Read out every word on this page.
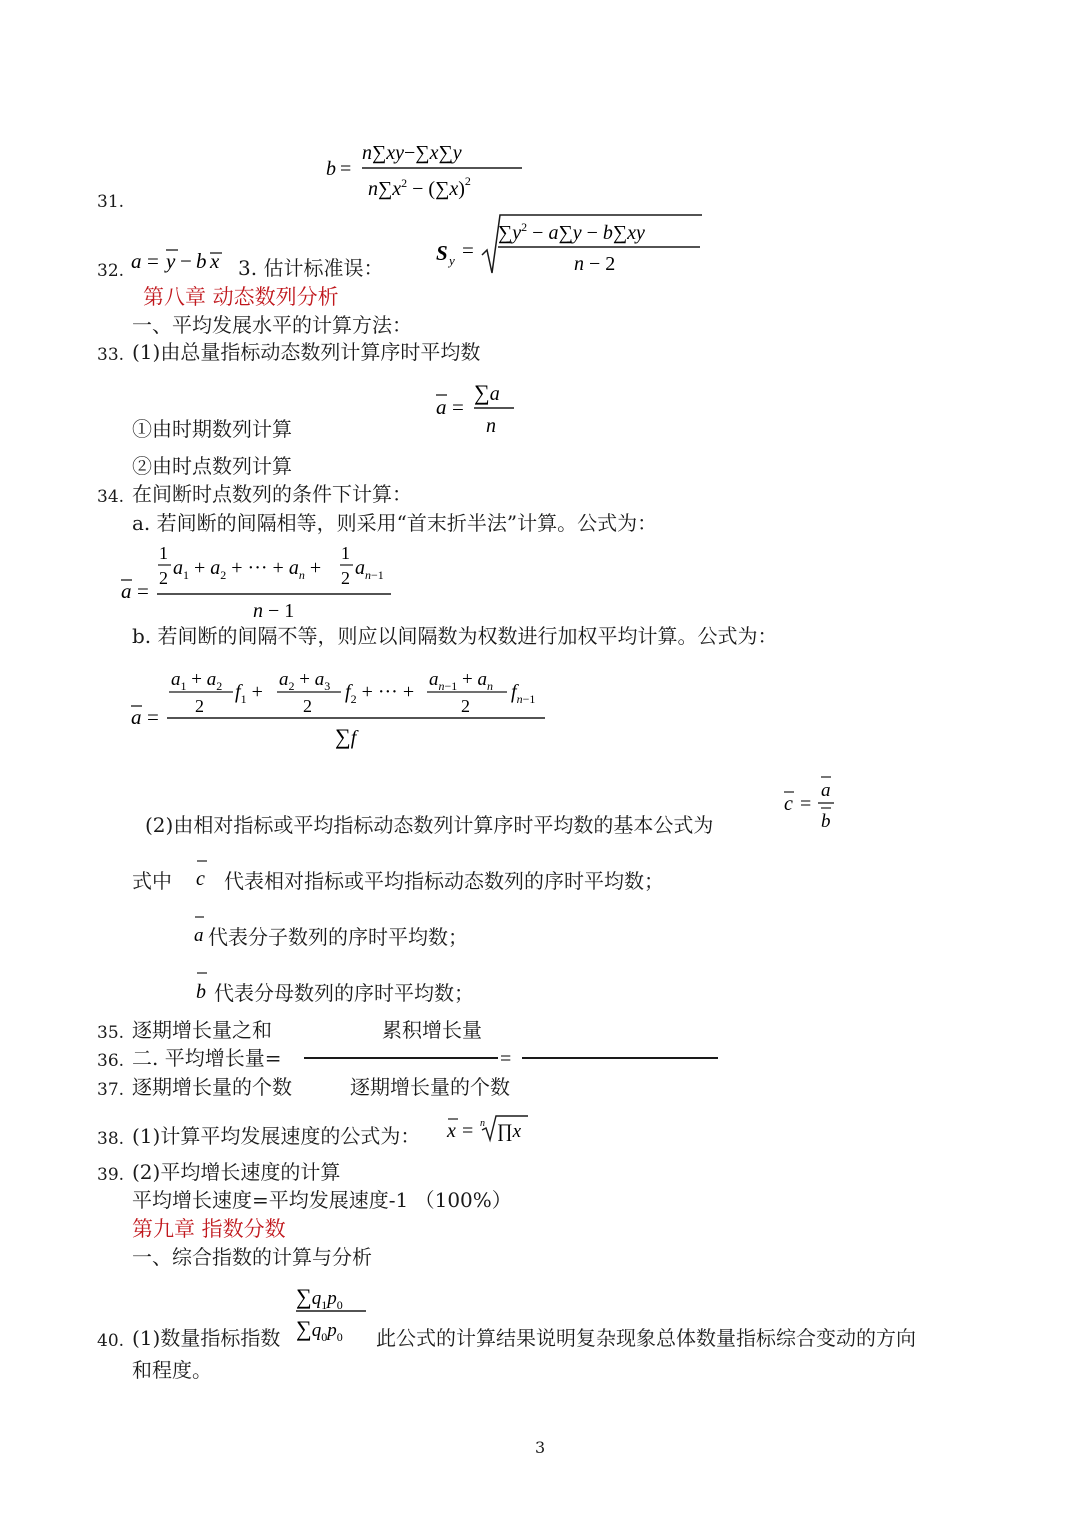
31.
b =
n∑xy−∑x∑y
$n\sum x^2 - (\sum x)^2$
32. a = y − b x 3. 估计标准误：
S y =
$\sum y^2 - a\sum y - b\sum xy$
n − 2
第八章 动态数列分析
一、平均发展水平的计算方法：
33. (1)由总量指标动态数列计算序时平均数
a =
∑a
n
①由时期数列计算
②由时点数列计算
34. 在间断时点数列的条件下计算：
a. 若间断的间隔相等，则采用“首末折半法”计算。公式为：
a =
1
2 $a_1 + a_2$ + ··· + $a_n$ +
1
2 $a_{n-1}$
n − 1
b. 若间断的间隔不等，则应以间隔数为权数进行加权平均计算。公式为：
a =
$a_1 + a_2$
2
$f_1$ +
$a_2 + a_3$
2
$f_2$ + ··· +
$a_{n-1} + a_n$
2
$f_{n-1}$
∑f
c =
a
b
(2)由相对指标或平均指标动态数列计算序时平均数的基本公式为
式中 c 代表相对指标或平均指标动态数列的序时平均数；
a 代表分子数列的序时平均数；
b 代表分母数列的序时平均数；
35. 逐期增长量之和	累积增长量
36. 二. 平均增长量=	=
37. 逐期增长量的个数	逐期增长量的个数
38. (1)计算平均发展速度的公式为： x = n ∏x
39. (2)平均增长速度的计算
平均增长速度=平均发展速度-1 （100%）
第九章 指数分数
一、综合指数的计算与分析
40. (1)数量指标指数
$\sum q_1p_0$
$\sum q_0p_0$ 此公式的计算结果说明复杂现象总体数量指标综合变动的方向
和程度。
3
